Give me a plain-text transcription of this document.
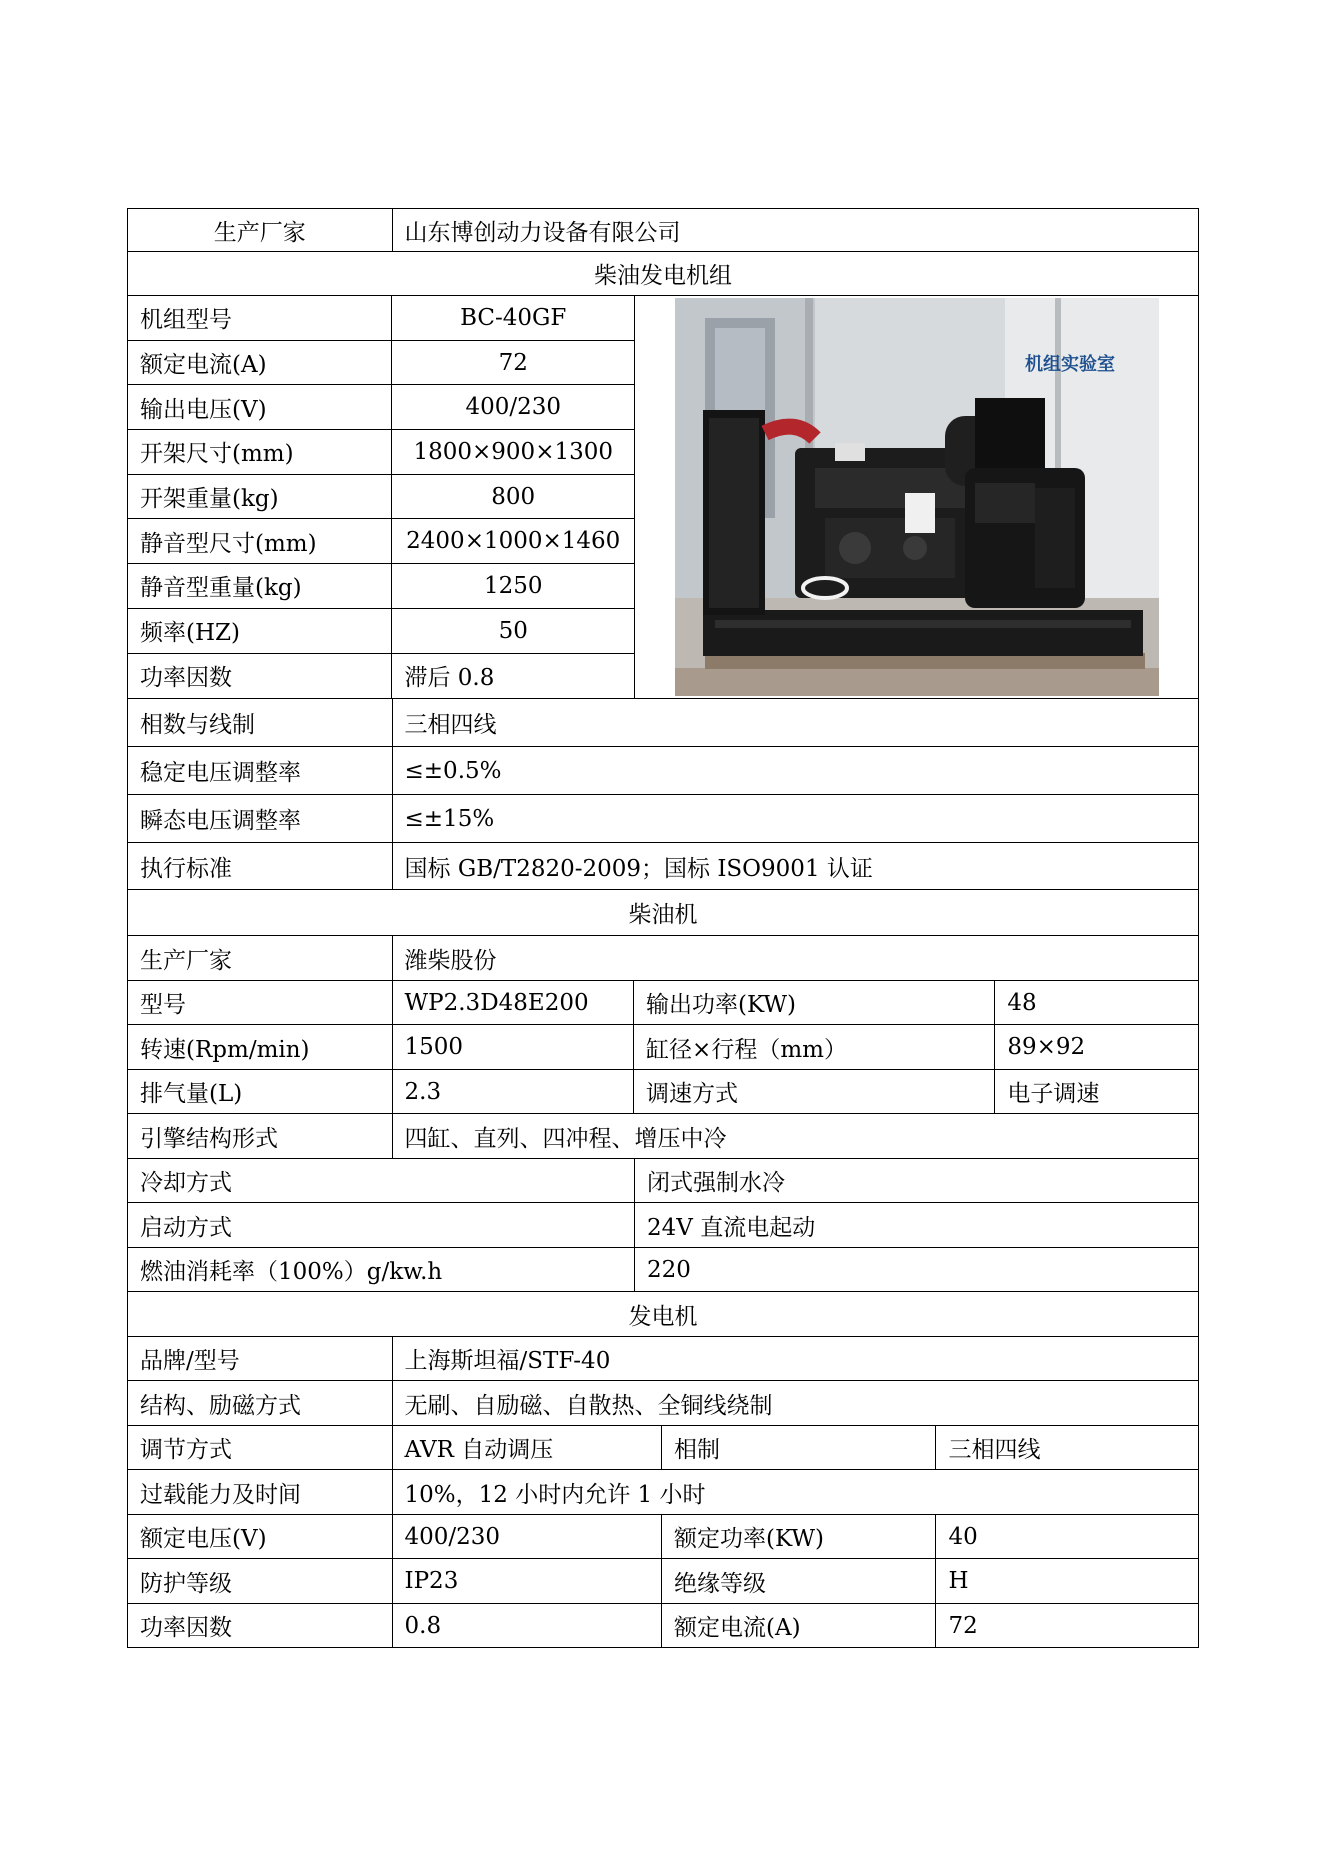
生产厂家	山东博创动力设备有限公司
柴油发电机组
机组型号	BC-40GF
额定电流(A)	72
输出电压(V)	400/230
开架尺寸(mm)	1800×900×1300
开架重量(kg)	800
静音型尺寸(mm)	2400×1000×1460
静音型重量(kg)	1250
频率(HZ)	50
功率因数	滞后 0.8
机组实验室
相数与线制	三相四线
稳定电压调整率	≤±0.5%
瞬态电压调整率	≤±15%
执行标准	国标 GB/T2820-2009；国标 ISO9001 认证
柴油机
生产厂家	潍柴股份
型号	WP2.3D48E200	输出功率(KW)	48
转速(Rpm/min)	1500	缸径×行程（mm）	89×92
排气量(L)	2.3	调速方式	电子调速
引擎结构形式	四缸、直列、四冲程、增压中冷
冷却方式	闭式强制水冷
启动方式	24V 直流电起动
燃油消耗率（100%）g/kw.h	220
发电机
品牌/型号	上海斯坦福/STF-40
结构、励磁方式	无刷、自励磁、自散热、全铜线绕制
调节方式	AVR 自动调压	相制	三相四线
过载能力及时间	10%，12 小时内允许 1 小时
额定电压(V)	400/230	额定功率(KW)	40
防护等级	IP23	绝缘等级	H
功率因数	0.8	额定电流(A)	72
